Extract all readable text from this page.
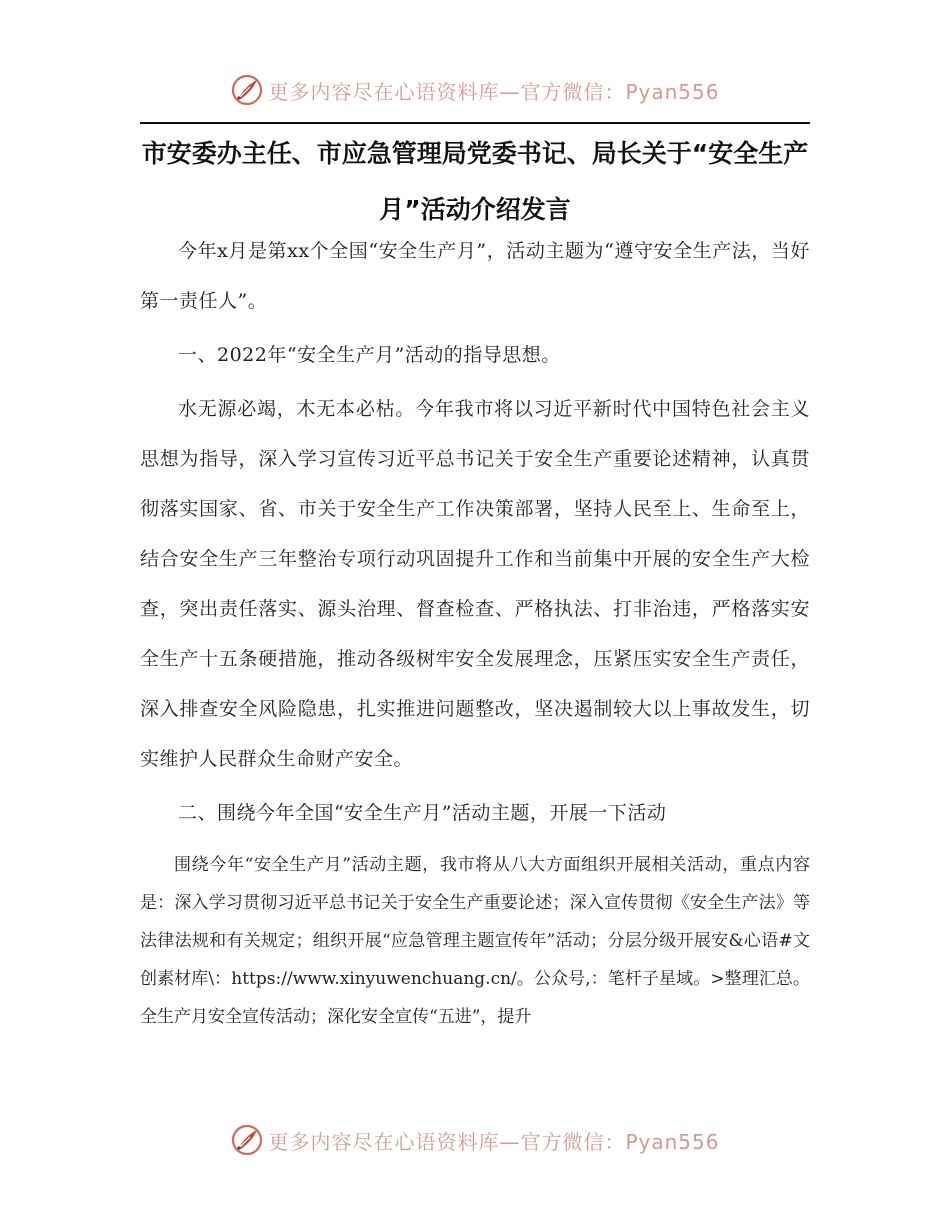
更多内容尽在心语资料库—官方微信：Pyan556
市安委办主任、市应急管理局党委书记、局长关于“安全生产月”活动介绍发言

今年x月是第xx个全国“安全生产月”，活动主题为“遵守安全生产法，当好第一责任人”。

一、2022年“安全生产月”活动的指导思想。

水无源必竭，木无本必枯。今年我市将以习近平新时代中国特色社会主义思想为指导，深入学习宣传习近平总书记关于安全生产重要论述精神，认真贯彻落实国家、省、市关于安全生产工作决策部署，坚持人民至上、生命至上，结合安全生产三年整治专项行动巩固提升工作和当前集中开展的安全生产大检查，突出责任落实、源头治理、督查检查、严格执法、打非治违，严格落实安全生产十五条硬措施，推动各级树牢安全发展理念，压紧压实安全生产责任，深入排查安全风险隐患，扎实推进问题整改，坚决遏制较大以上事故发生，切实维护人民群众生命财产安全。

二、围绕今年全国“安全生产月”活动主题，开展一下活动

围绕今年“安全生产月”活动主题，我市将从八大方面组织开展相关活动，重点内容是：深入学习贯彻习近平总书记关于安全生产重要论述；深入宣传贯彻《安全生产法》等法律法规和有关规定；组织开展“应急管理主题宣传年”活动；分层分级开展安&心语#文创素材库\：https://www.xinyuwenchuang.cn/。公众号,：笔杆子星域。>整理汇总。全生产月安全宣传活动；深化安全宣传“五进”，提升

更多内容尽在心语资料库—官方微信：Pyan556
